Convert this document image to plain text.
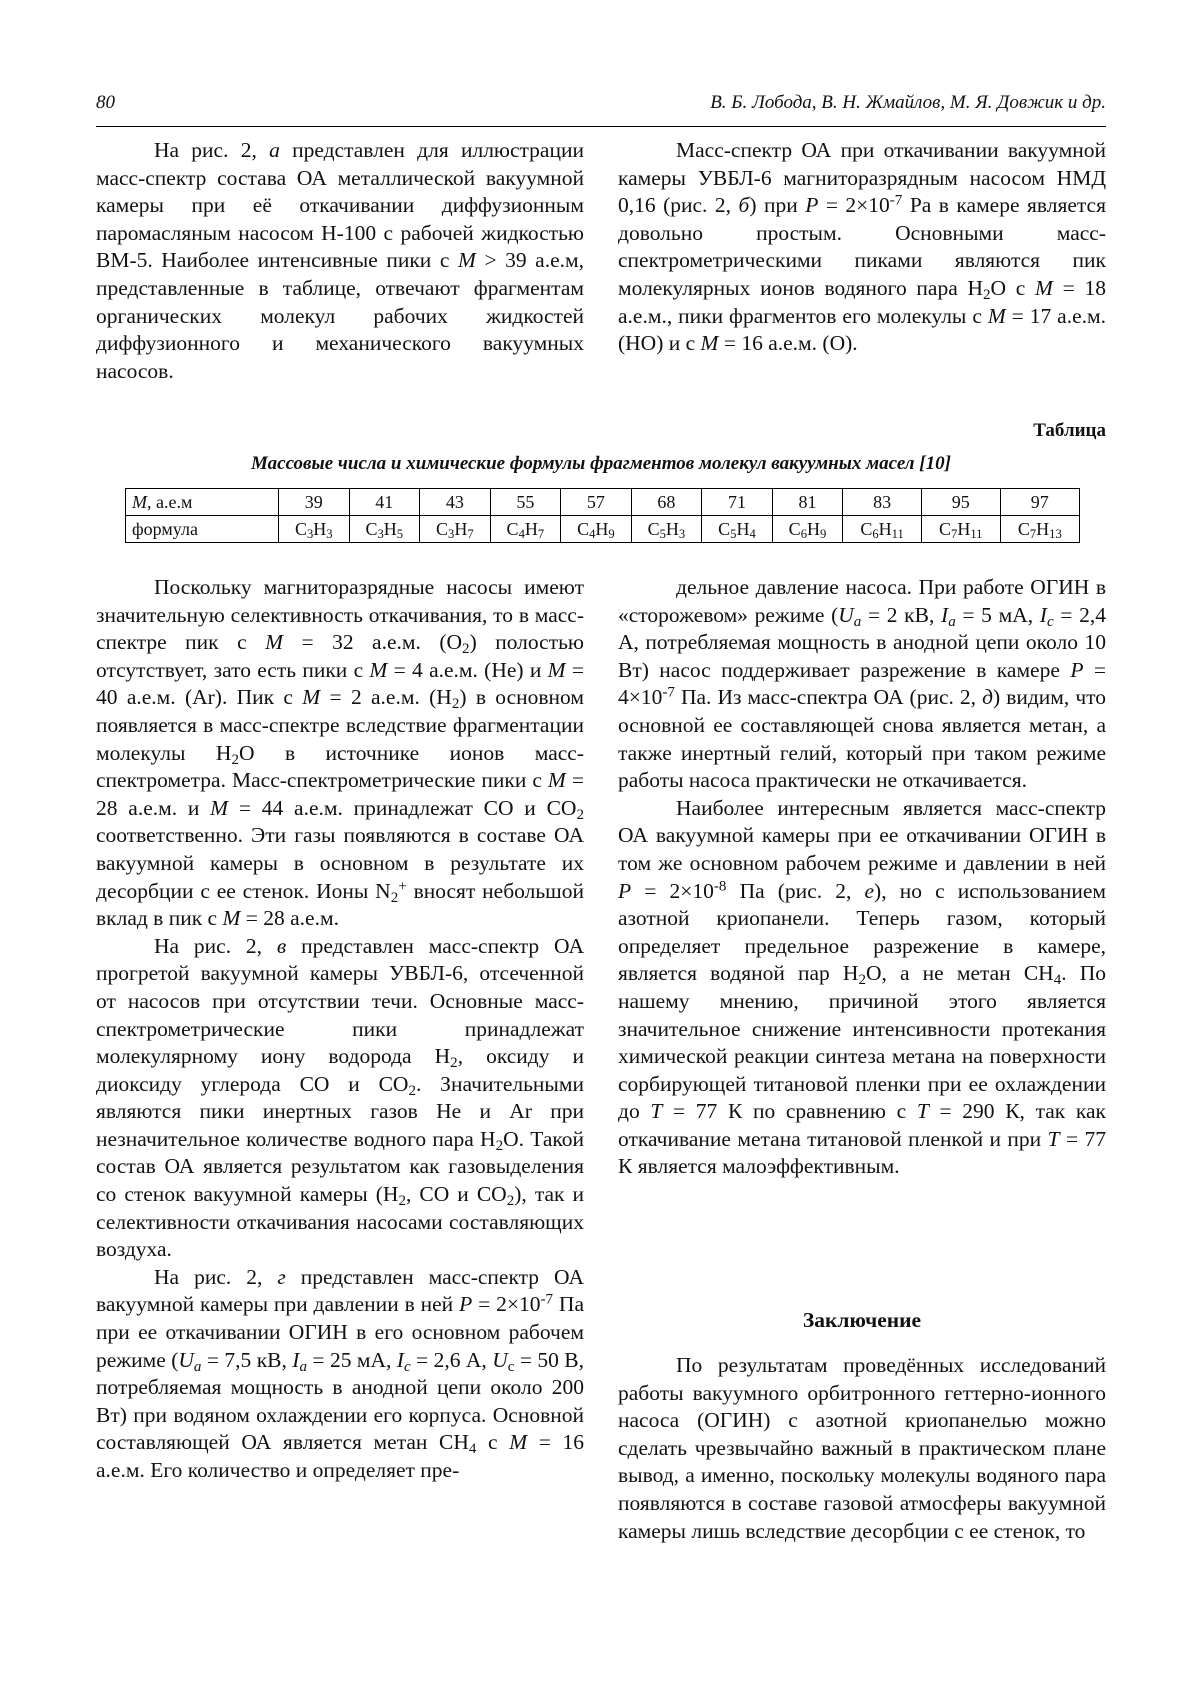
80	В. Б. Лобода, В. Н. Жмайлов, М. Я. Довжик и др.

На рис. 2, а представлен для иллюстрации масс-спектр состава ОА металлической вакуумной камеры при её откачивании диффузионным паромасляным насосом Н-100 с рабочей жидкостью ВМ-5. Наиболее интенсивные пики с M > 39 а.е.м, представленные в таблице, отвечают фрагментам органических молекул рабочих жидкостей диффузионного и механического вакуумных насосов.

Масс-спектр ОА при откачивании вакуумной камеры УВБЛ-6 магниторазрядным насосом НМД 0,16 (рис. 2, б) при $P = 2\times 10^{-7}$ Ра в камере является довольно простым. Основными масс-спектрометрическими пиками являются пик молекулярных ионов водяного пара $H_2O$ с M = 18 а.е.м., пики фрагментов его молекулы с M = 17 а.е.м. (HO) и с M = 16 а.е.м. (O).

Таблица
Массовые числа и химические формулы фрагментов молекул вакуумных масел [10]
M, а.е.м	39	41	43	55	57	68	71	81	83	95	97
формула	$C_3H_3$	$C_3H_5$	$C_3H_7$	$C_4H_7$	$C_4H_9$	$C_5H_3$	$C_5H_4$	$C_6H_9$	$C_6H_{11}$	$C_7H_{11}$	$C_7H_{13}$

Поскольку магниторазрядные насосы имеют значительную селективность откачивания, то в масс-спектре пик с M = 32 а.е.м. $(O_2)$ полостью отсутствует, зато есть пики с M = 4 а.е.м. (He) и M = 40 а.е.м. (Ar). Пик с M = 2 а.е.м. $(H_2)$ в основном появляется в масс-спектре вследствие фрагментации молекулы $H_2O$ в источнике ионов масс-спектрометра. Масс-спектрометрические пики с M = 28 а.е.м. и M = 44 а.е.м. принадлежат CO и $CO_2$ соответственно. Эти газы появляются в составе ОА вакуумной камеры в основном в результате их десорбции с ее стенок. Ионы $N_2^+$ вносят небольшой вклад в пик с M = 28 а.е.м.

На рис. 2, в представлен масс-спектр ОА прогретой вакуумной камеры УВБЛ-6, отсеченной от насосов при отсутствии течи. Основные масс-спектрометрические пики принадлежат молекулярному иону водорода $H_2$, оксиду и диоксиду углерода CO и $CO_2$. Значительными являются пики инертных газов He и Ar при незначительное количестве водного пара $H_2O$. Такой состав ОА является результатом как газовыделения со стенок вакуумной камеры ($H_2$, CO и $CO_2$), так и селективности откачивания насосами составляющих воздуха.

На рис. 2, г представлен масс-спектр ОА вакуумной камеры при давлении в ней $P = 2\times 10^{-7}$ Па при ее откачивании ОГИН в его основном рабочем режиме ($U_a = 7,5$ кВ, $I_a = 25$ мА, $I_c = 2,6$ А, $U_c = 50$ В, потребляемая мощность в анодной цепи около 200 Вт) при водяном охлаждении его корпуса. Основной составляющей ОА является метан $CH_4$ с M = 16 а.е.м. Его количество и определяет пре-

дельное давление насоса. При работе ОГИН в «сторожевом» режиме ($U_a = 2$ кВ, $I_a = 5$ мА, $I_c = 2,4$ А, потребляемая мощность в анодной цепи около 10 Вт) насос поддерживает разрежение в камере $P = 4\times 10^{-7}$ Па. Из масс-спектра ОА (рис. 2, д) видим, что основной ее составляющей снова является метан, а также инертный гелий, который при таком режиме работы насоса практически не откачивается.

Наиболее интересным является масс-спектр ОА вакуумной камеры при ее откачивании ОГИН в том же основном рабочем режиме и давлении в ней $P = 2\times 10^{-8}$ Па (рис. 2, е), но с использованием азотной криопанели. Теперь газом, который определяет предельное разрежение в камере, является водяной пар $H_2O$, а не метан $CH_4$. По нашему мнению, причиной этого является значительное снижение интенсивности протекания химической реакции синтеза метана на поверхности сорбирующей титановой пленки при ее охлаждении до T = 77 К по сравнению с T = 290 К, так как откачивание метана титановой пленкой и при T = 77 К является малоэффективным.

Заключение

По результатам проведённых исследований работы вакуумного орбитронного геттерно-ионного насоса (ОГИН) с азотной криопанелью можно сделать чрезвычайно важный в практическом плане вывод, а именно, поскольку молекулы водяного пара появляются в составе газовой атмосферы вакуумной камеры лишь вследствие десорбции с ее стенок, то
